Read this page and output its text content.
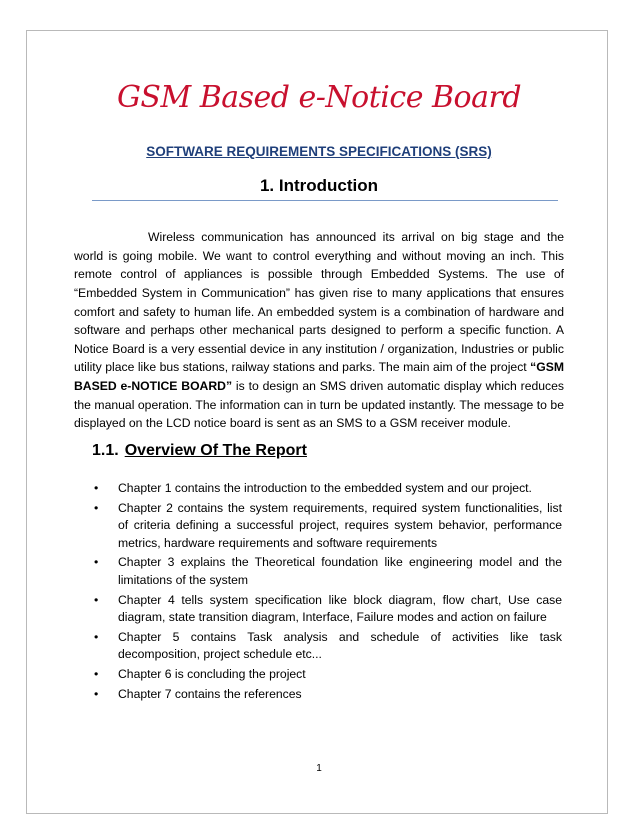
GSM Based e-Notice Board
SOFTWARE REQUIREMENTS SPECIFICATIONS (SRS)
1. Introduction

Wireless communication has announced its arrival on big stage and the world is going mobile. We want to control everything and without moving an inch. This remote control of appliances is possible through Embedded Systems. The use of “Embedded System in Communication” has given rise to many applications that ensures comfort and safety to human life. An embedded system is a combination of hardware and software and perhaps other mechanical parts designed to perform a specific function. A Notice Board is a very essential device in any institution / organization, Industries or public utility place like bus stations, railway stations and parks. The main aim of the project “GSM BASED e-NOTICE BOARD” is to design an SMS driven automatic display which reduces the manual operation. The information can in turn be updated instantly. The message to be displayed on the LCD notice board is sent as an SMS to a GSM receiver module.

1.1. Overview Of The Report
• Chapter 1 contains the introduction to the embedded system and our project.
• Chapter 2 contains the system requirements, required system functionalities, list of criteria defining a successful project, requires system behavior, performance metrics, hardware requirements and software requirements
• Chapter 3 explains the Theoretical foundation like engineering model and the limitations of the system
• Chapter 4 tells system specification like block diagram, flow chart, Use case diagram, state transition diagram, Interface, Failure modes and action on failure
• Chapter 5 contains Task analysis and schedule of activities like task decomposition, project schedule etc...
• Chapter 6 is concluding the project
• Chapter 7 contains the references
1
